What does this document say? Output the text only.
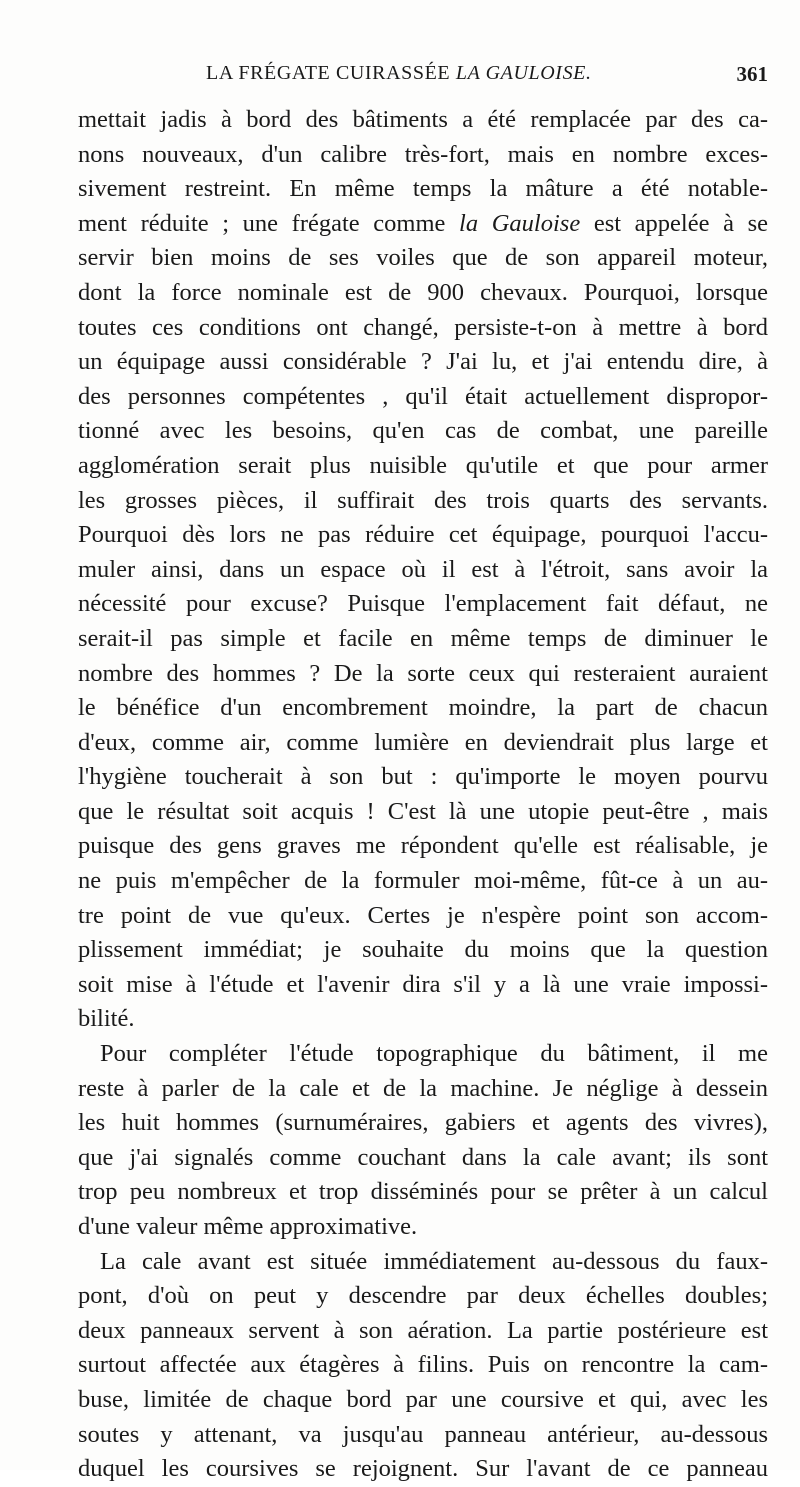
LA FRÉGATE CUIRASSÉE LA GAULOISE.	361
mettait jadis à bord des bâtiments a été remplacée par des ca-
nons nouveaux, d'un calibre très-fort, mais en nombre exces-
sivement restreint. En même temps la mâture a été notable-
ment réduite ; une frégate comme la Gauloise est appelée à se
servir bien moins de ses voiles que de son appareil moteur,
dont la force nominale est de 900 chevaux. Pourquoi, lorsque
toutes ces conditions ont changé, persiste-t-on à mettre à bord
un équipage aussi considérable ? J'ai lu, et j'ai entendu dire, à
des personnes compétentes , qu'il était actuellement dispropor-
tionné avec les besoins, qu'en cas de combat, une pareille
agglomération serait plus nuisible qu'utile et que pour armer
les grosses pièces, il suffirait des trois quarts des servants.
Pourquoi dès lors ne pas réduire cet équipage, pourquoi l'accu-
muler ainsi, dans un espace où il est à l'étroit, sans avoir la
nécessité pour excuse? Puisque l'emplacement fait défaut, ne
serait-il pas simple et facile en même temps de diminuer le
nombre des hommes ? De la sorte ceux qui resteraient auraient
le bénéfice d'un encombrement moindre, la part de chacun
d'eux, comme air, comme lumière en deviendrait plus large et
l'hygiène toucherait à son but : qu'importe le moyen pourvu
que le résultat soit acquis ! C'est là une utopie peut-être , mais
puisque des gens graves me répondent qu'elle est réalisable, je
ne puis m'empêcher de la formuler moi-même, fût-ce à un au-
tre point de vue qu'eux. Certes je n'espère point son accom-
plissement immédiat; je souhaite du moins que la question
soit mise à l'étude et l'avenir dira s'il y a là une vraie impossi-
bilité.
Pour compléter l'étude topographique du bâtiment, il me
reste à parler de la cale et de la machine. Je néglige à dessein
les huit hommes (surnuméraires, gabiers et agents des vivres),
que j'ai signalés comme couchant dans la cale avant; ils sont
trop peu nombreux et trop disséminés pour se prêter à un calcul
d'une valeur même approximative.
La cale avant est située immédiatement au-dessous du faux-
pont, d'où on peut y descendre par deux échelles doubles;
deux panneaux servent à son aération. La partie postérieure est
surtout affectée aux étagères à filins. Puis on rencontre la cam-
buse, limitée de chaque bord par une coursive et qui, avec les
soutes y attenant, va jusqu'au panneau antérieur, au-dessous
duquel les coursives se rejoignent. Sur l'avant de ce panneau
